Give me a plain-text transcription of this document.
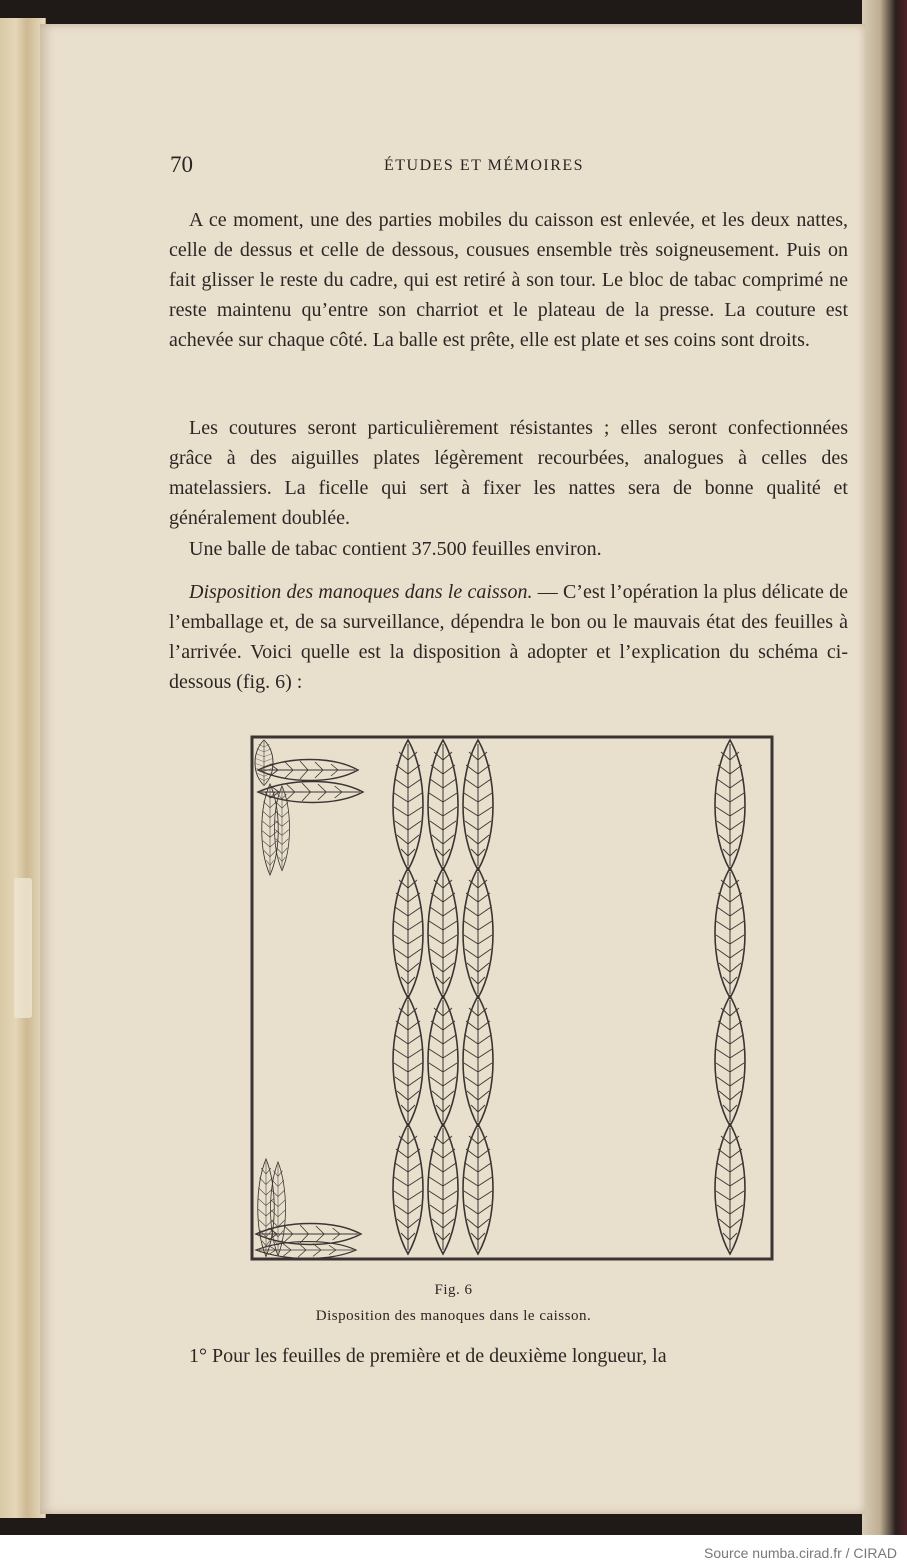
70	ÉTUDES ET MÉMOIRES

A ce moment, une des parties mobiles du caisson est enlevée, et les deux nattes, celle de dessus et celle de dessous, cousues ensemble très soigneusement. Puis on fait glisser le reste du cadre, qui est retiré à son tour. Le bloc de tabac comprimé ne reste maintenu qu’entre son charriot et le plateau de la presse. La couture est achevée sur chaque côté. La balle est prête, elle est plate et ses coins sont droits.

Les coutures seront particulièrement résistantes ; elles seront confectionnées grâce à des aiguilles plates légèrement recourbées, analogues à celles des matelassiers. La ficelle qui sert à fixer les nattes sera de bonne qualité et généralement doublée.

Une balle de tabac contient 37.500 feuilles environ.

Disposition des manoques dans le caisson. — C’est l’opération la plus délicate de l’emballage et, de sa surveillance, dépendra le bon ou le mauvais état des feuilles à l’arrivée. Voici quelle est la disposition à adopter et l’explication du schéma ci-dessous (fig. 6) :

Fig. 6

Disposition des manoques dans le caisson.

1° Pour les feuilles de première et de deuxième longueur, la

Source numba.cirad.fr / CIRAD
